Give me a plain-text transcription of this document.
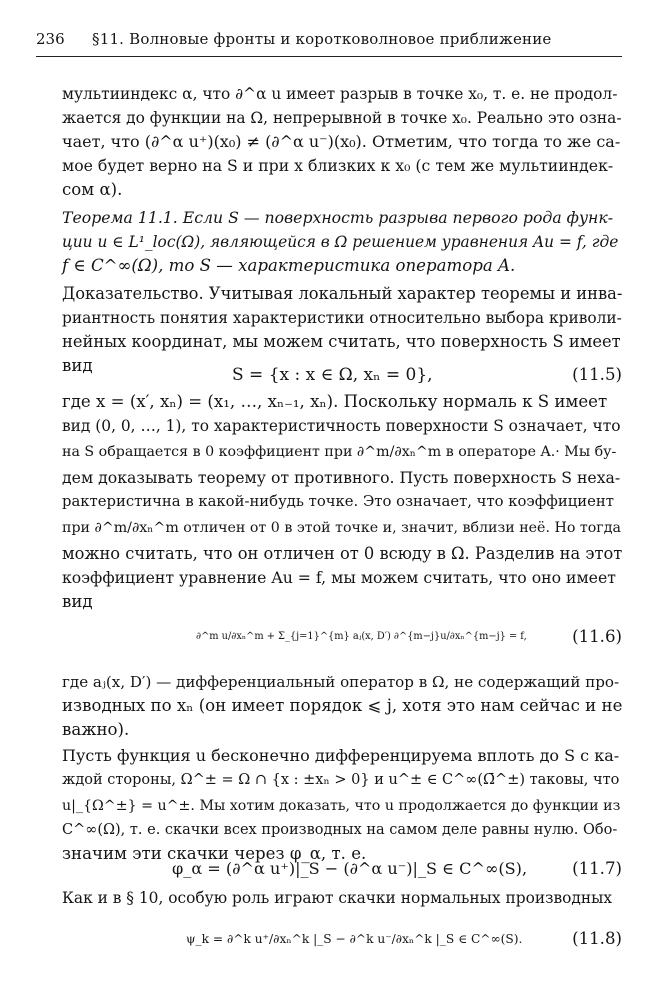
236 §11. Волновые фронты и коротковолновое приближение
мультииндекс α, что ∂^α u имеет разрыв в точке x₀, т. е. не продол-
жается до функции на Ω, непрерывной в точке x₀. Реально это озна-
чает, что (∂^α u⁺)(x₀) ≠ (∂^α u⁻)(x₀). Отметим, что тогда то же са-
мое будет верно на S и при x близких к x₀ (с тем же мультииндек-
сом α).
Теорема 11.1. Если S — поверхность разрыва первого рода функ-
ции u ∈ L¹_loc(Ω), являющейся в Ω решением уравнения Au = f, где
f ∈ C^∞(Ω), то S — характеристика оператора A.
Доказательство. Учитывая локальный характер теоремы и инва-
риантность понятия характеристики относительно выбора криволи-
нейных координат, мы можем считать, что поверхность S имеет
вид	S = {x : x ∈ Ω, xₙ = 0},	(11.5)
где x = (x′, xₙ) = (x₁, …, xₙ₋₁, xₙ). Поскольку нормаль к S имеет
вид (0, 0, …, 1), то характеристичность поверхности S означает, что
на S обращается в 0 коэффициент при ∂^m/∂xₙ^m в операторе A.· Мы бу-
дем доказывать теорему от противного. Пусть поверхность S неха-
рактеристична в какой-нибудь точке. Это означает, что коэффициент
при ∂^m/∂xₙ^m отличен от 0 в этой точке и, значит, вблизи неё. Но тогда
можно считать, что он отличен от 0 всюду в Ω. Разделив на этот
коэффициент уравнение Au = f, мы можем считать, что оно имеет
вид
∂^m u/∂xₙ^m + Σ_{j=1}^{m} aⱼ(x, D′) ∂^{m−j}u/∂xₙ^{m−j} = f,	(11.6)
где aⱼ(x, D′) — дифференциальный оператор в Ω, не содержащий про-
изводных по xₙ (он имеет порядок ⩽ j, хотя это нам сейчас и не
важно).
Пусть функция u бесконечно дифференцируема вплоть до S с ка-
ждой стороны, Ω^± = Ω ∩ {x : ±xₙ > 0} и u^± ∈ C^∞(Ω̄^±) таковы, что
u|_{Ω^±} = u^±. Мы хотим доказать, что u продолжается до функции из
C^∞(Ω), т. е. скачки всех производных на самом деле равны нулю. Обо-
значим эти скачки через φ_α, т. е.
φ_α = (∂^α u⁺)|_S − (∂^α u⁻)|_S ∈ C^∞(S),	(11.7)
Как и в § 10, особую роль играют скачки нормальных производных
ψ_k = ∂^k u⁺/∂xₙ^k |_S − ∂^k u⁻/∂xₙ^k |_S ∈ C^∞(S).	(11.8)
